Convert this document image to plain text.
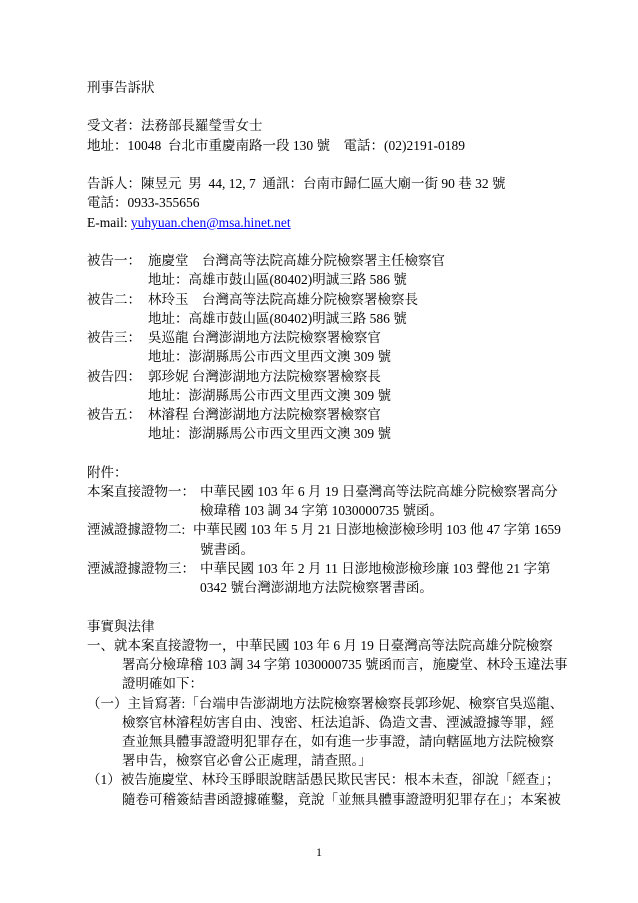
刑事告訴狀
受文者：法務部長羅瑩雪女士
地址：10048  台北市重慶南路一段 130 號    電話：(02)2191-0189
告訴人：陳昱元  男  44, 12, 7  通訊：台南市歸仁區大廟一街 90 巷 32 號
電話：0933-355656
E-mail: yuhyuan.chen@msa.hinet.net
被告一： 施慶堂　台灣高等法院高雄分院檢察署主任檢察官
地址：高雄市鼓山區(80402)明誠三路 586 號
被告二： 林玲玉　台灣高等法院高雄分院檢察署檢察長
地址：高雄市鼓山區(80402)明誠三路 586 號
被告三： 吳巡龍 台灣澎湖地方法院檢察署檢察官
地址：澎湖縣馬公市西文里西文澳 309 號
被告四： 郭珍妮 台灣澎湖地方法院檢察署檢察長
地址：澎湖縣馬公市西文里西文澳 309 號
被告五： 林濬程 台灣澎湖地方法院檢察署檢察官
地址：澎湖縣馬公市西文里西文澳 309 號
附件：
本案直接證物一： 中華民國 103 年 6 月 19 日臺灣高等法院高雄分院檢察署高分
檢瑋稽 103 調 34 字第 1030000735 號函。
湮滅證據證物二: 中華民國 103 年 5 月 21 日澎地檢澎檢珍明 103 他 47 字第 1659
號書函。
湮滅證據證物三： 中華民國 103 年 2 月 11 日澎地檢澎檢珍廉 103 聲他 21 字第
0342 號台灣澎湖地方法院檢察署書函。
事實與法律
一、就本案直接證物一，中華民國 103 年 6 月 19 日臺灣高等法院高雄分院檢察
署高分檢瑋稽 103 調 34 字第 1030000735 號函而言，施慶堂、林玲玉違法事
證明確如下：
（一）主旨寫著:「台端申告澎湖地方法院檢察署檢察長郭珍妮、檢察官吳巡龍、
檢察官林濬程妨害自由、洩密、枉法追訴、偽造文書、湮滅證據等罪，經
查並無具體事證證明犯罪存在，如有進一步事證，請向轄區地方法院檢察
署申告，檢察官必會公正處理，請查照。」
（1）被告施慶堂、林玲玉睜眼說瞎話愚民欺民害民：根本未查，卻說「經查」；
隨卷可稽簽結書函證據確鑿，竟說「並無具體事證證明犯罪存在」；本案被
1
